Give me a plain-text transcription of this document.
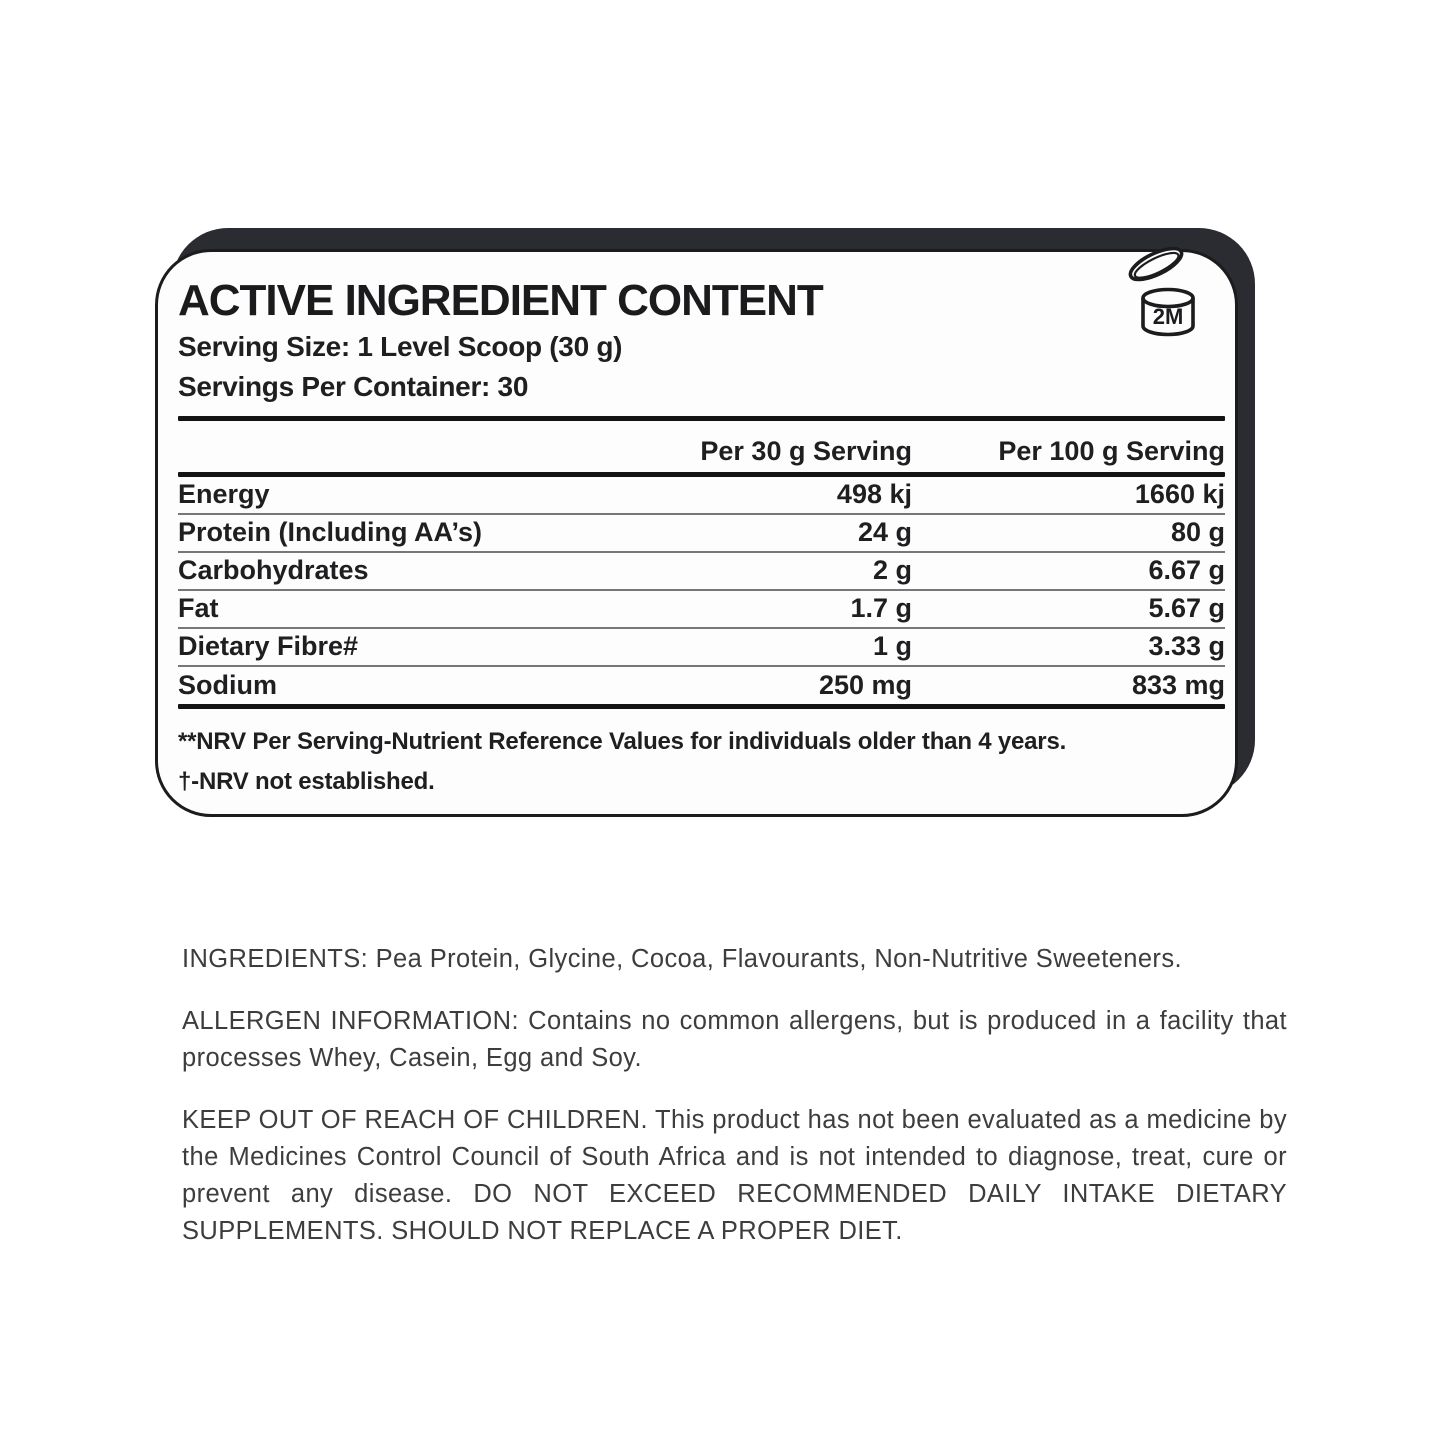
ACTIVE INGREDIENT CONTENT

Serving Size: 1 Level Scoop (30 g)

Servings Per Container: 30

2M
Per 30 g Serving	Per 100 g Serving
Energy	498 kj	1660 kj
Protein (Including AA’s)	24 g	80 g
Carbohydrates	2 g	6.67 g
Fat	1.7 g	5.67 g
Dietary Fibre#	1 g	3.33 g
Sodium	250 mg	833 mg

**NRV Per Serving-Nutrient Reference Values for individuals older than 4 years.

†-NRV not established.

INGREDIENTS: Pea Protein, Glycine, Cocoa, Flavourants, Non-Nutritive Sweeteners.

ALLERGEN INFORMATION: Contains no common allergens, but is produced in a facility that processes Whey, Casein, Egg and Soy.

KEEP OUT OF REACH OF CHILDREN. This product has not been evaluated as a medicine by the Medicines Control Council of South Africa and is not intended to diagnose, treat, cure or prevent any disease. DO NOT EXCEED RECOMMENDED DAILY INTAKE DIETARY SUPPLEMENTS. SHOULD NOT REPLACE A PROPER DIET.
